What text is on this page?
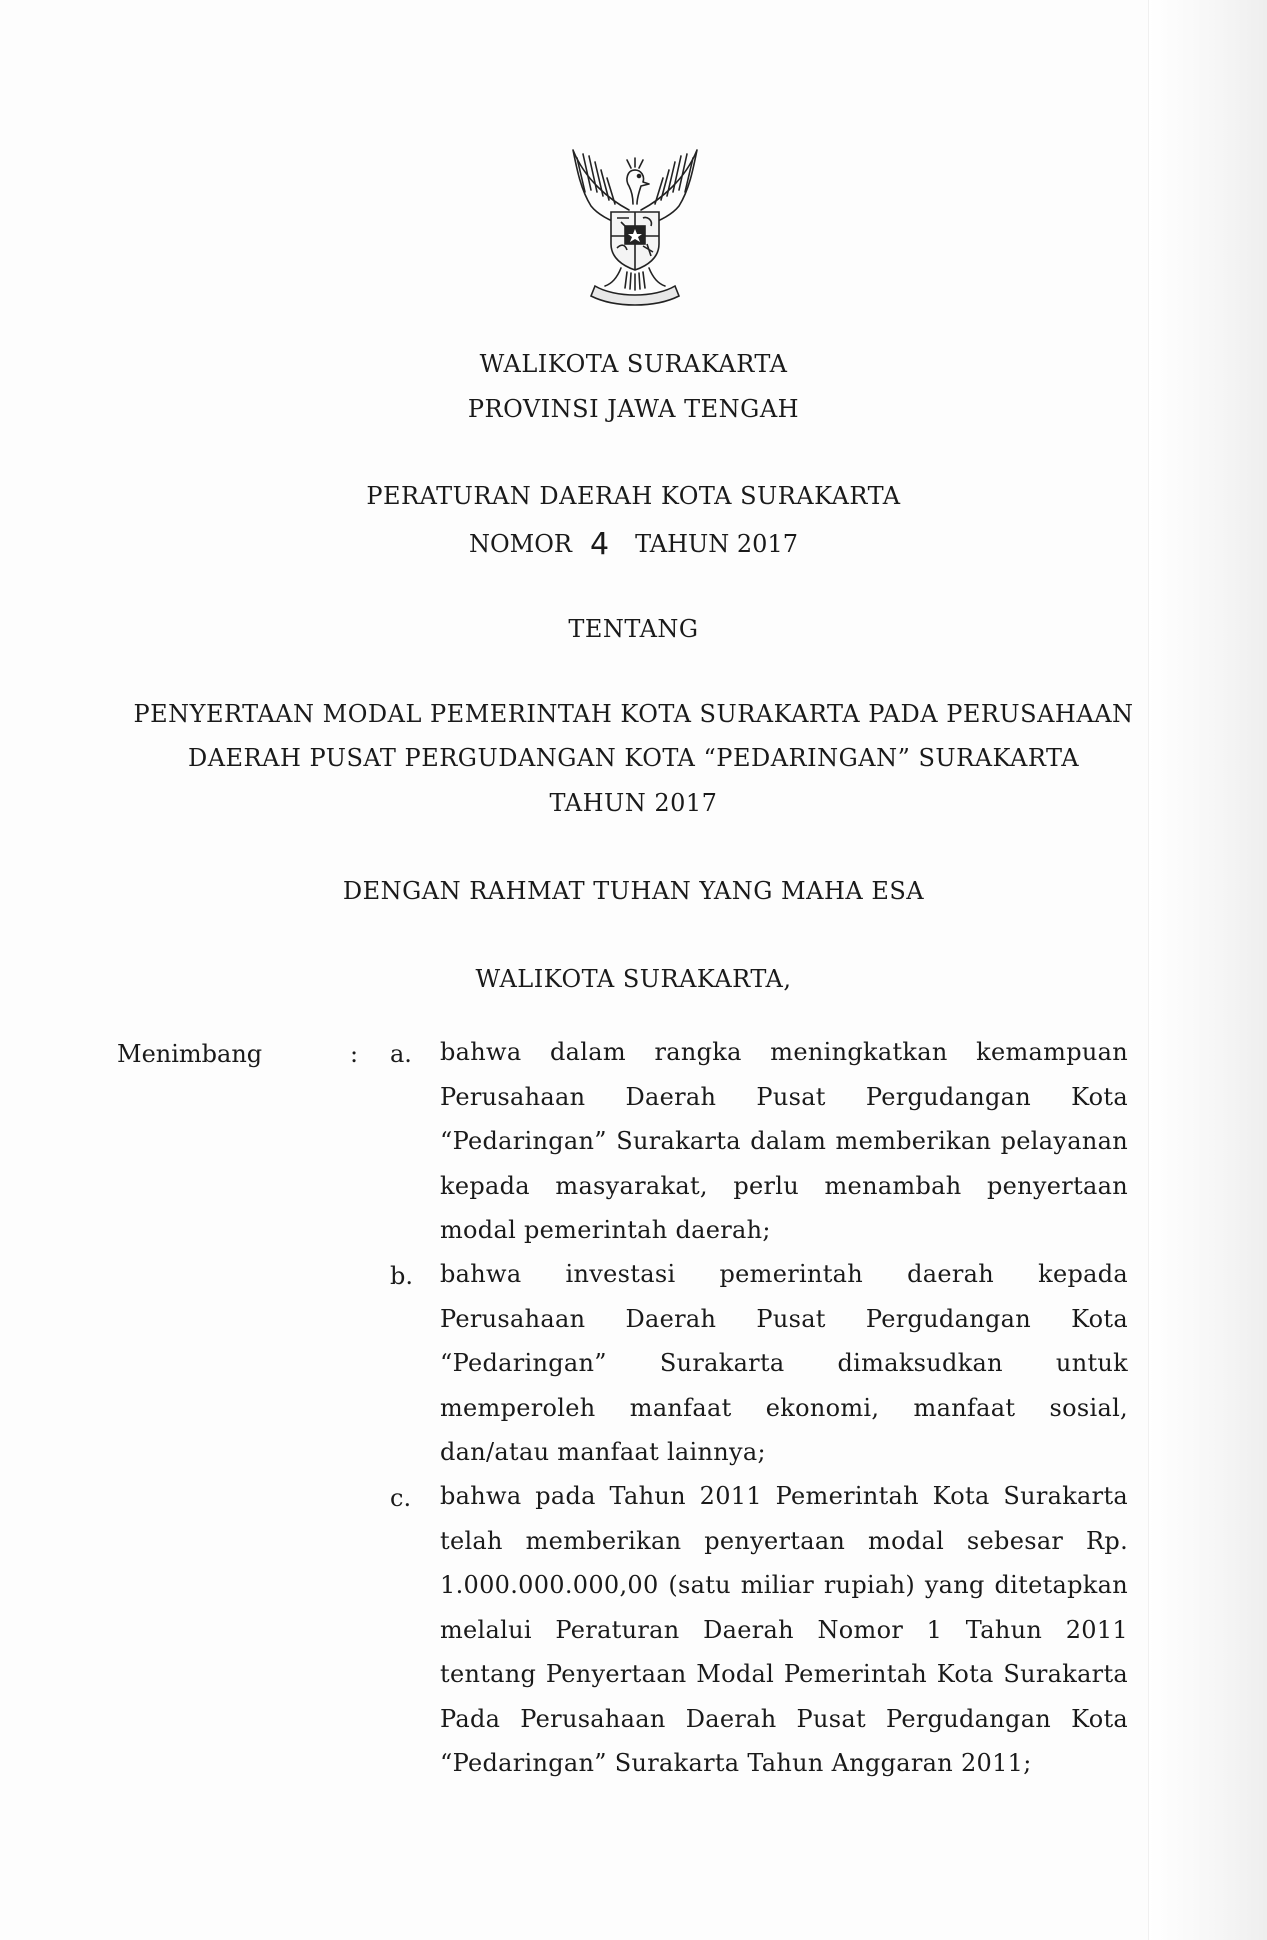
WALIKOTA SURAKARTA
PROVINSI JAWA TENGAH
PERATURAN DAERAH KOTA SURAKARTA
NOMOR 4 TAHUN 2017
TENTANG
PENYERTAAN MODAL PEMERINTAH KOTA SURAKARTA PADA PERUSAHAAN
DAERAH PUSAT PERGUDANGAN KOTA “PEDARINGAN” SURAKARTA
TAHUN 2017
DENGAN RAHMAT TUHAN YANG MAHA ESA
WALIKOTA SURAKARTA,
Menimbang	: a. bahwa dalam rangka meningkatkan kemampuan Perusahaan Daerah Pusat Pergudangan Kota “Pedaringan” Surakarta dalam memberikan pelayanan kepada masyarakat, perlu menambah penyertaan modal pemerintah daerah;
b. bahwa investasi pemerintah daerah kepada Perusahaan Daerah Pusat Pergudangan Kota “Pedaringan” Surakarta dimaksudkan untuk memperoleh manfaat ekonomi, manfaat sosial, dan/atau manfaat lainnya;
c. bahwa pada Tahun 2011 Pemerintah Kota Surakarta telah memberikan penyertaan modal sebesar Rp. 1.000.000.000,00 (satu miliar rupiah) yang ditetapkan melalui Peraturan Daerah Nomor 1 Tahun 2011 tentang Penyertaan Modal Pemerintah Kota Surakarta Pada Perusahaan Daerah Pusat Pergudangan Kota “Pedaringan” Surakarta Tahun Anggaran 2011;
